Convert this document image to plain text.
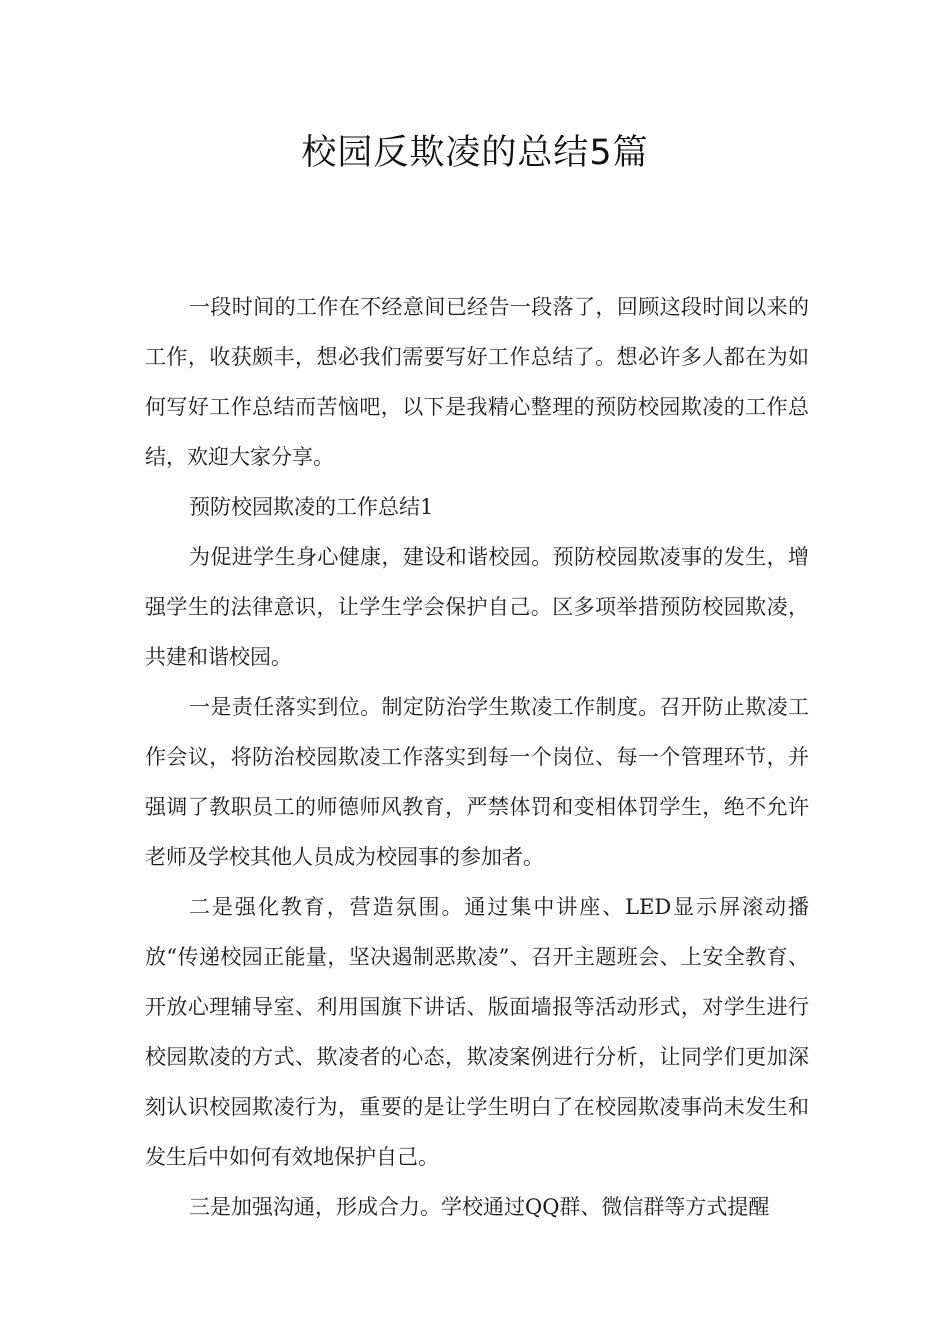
校园反欺凌的总结5篇

一段时间的工作在不经意间已经告一段落了，回顾这段时间以来的工作，收获颇丰，想必我们需要写好工作总结了。想必许多人都在为如何写好工作总结而苦恼吧，以下是我精心整理的预防校园欺凌的工作总结，欢迎大家分享。

预防校园欺凌的工作总结1

为促进学生身心健康，建设和谐校园。预防校园欺凌事的发生，增强学生的法律意识，让学生学会保护自己。区多项举措预防校园欺凌，共建和谐校园。

一是责任落实到位。制定防治学生欺凌工作制度。召开防止欺凌工作会议，将防治校园欺凌工作落实到每一个岗位、每一个管理环节，并强调了教职员工的师德师风教育，严禁体罚和变相体罚学生，绝不允许老师及学校其他人员成为校园事的参加者。

二是强化教育，营造氛围。通过集中讲座、LED显示屏滚动播放“传递校园正能量，坚决遏制恶欺凌”、召开主题班会、上安全教育、开放心理辅导室、利用国旗下讲话、版面墙报等活动形式，对学生进行校园欺凌的方式、欺凌者的心态，欺凌案例进行分析，让同学们更加深刻认识校园欺凌行为，重要的是让学生明白了在校园欺凌事尚未发生和发生后中如何有效地保护自己。

三是加强沟通，形成合力。学校通过QQ群、微信群等方式提醒
